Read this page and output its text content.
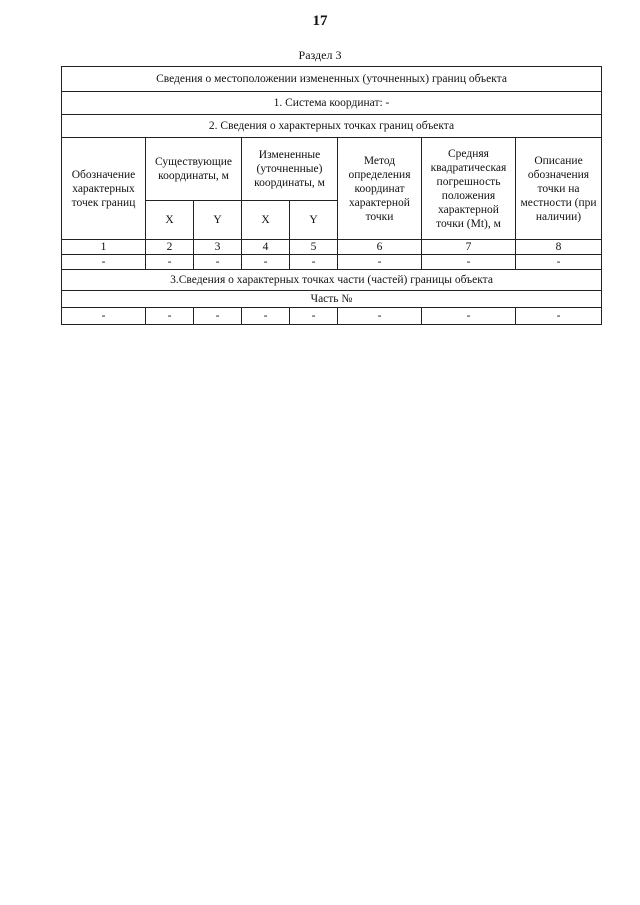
17
Раздел 3
Сведения о местоположении измененных (уточненных) границ объекта							
1. Система координат: -							
2. Сведения о характерных точках границ объекта							
Обозначение характерных точек границ	Существующие координаты, м		Измененные (уточненные) координаты, м		Метод определения координат характерной точки	Средняя квадратическая погрешность положения характерной точки (Mt), м	Описание обозначения точки на местности (при наличии)
	X	Y	X	Y			
1	2	3	4	5	6	7	8
-	-	-	-	-	-	-	-
3.Сведения о характерных точках части (частей) границы объекта							
Часть №							
-	-	-	-	-	-	-	-
